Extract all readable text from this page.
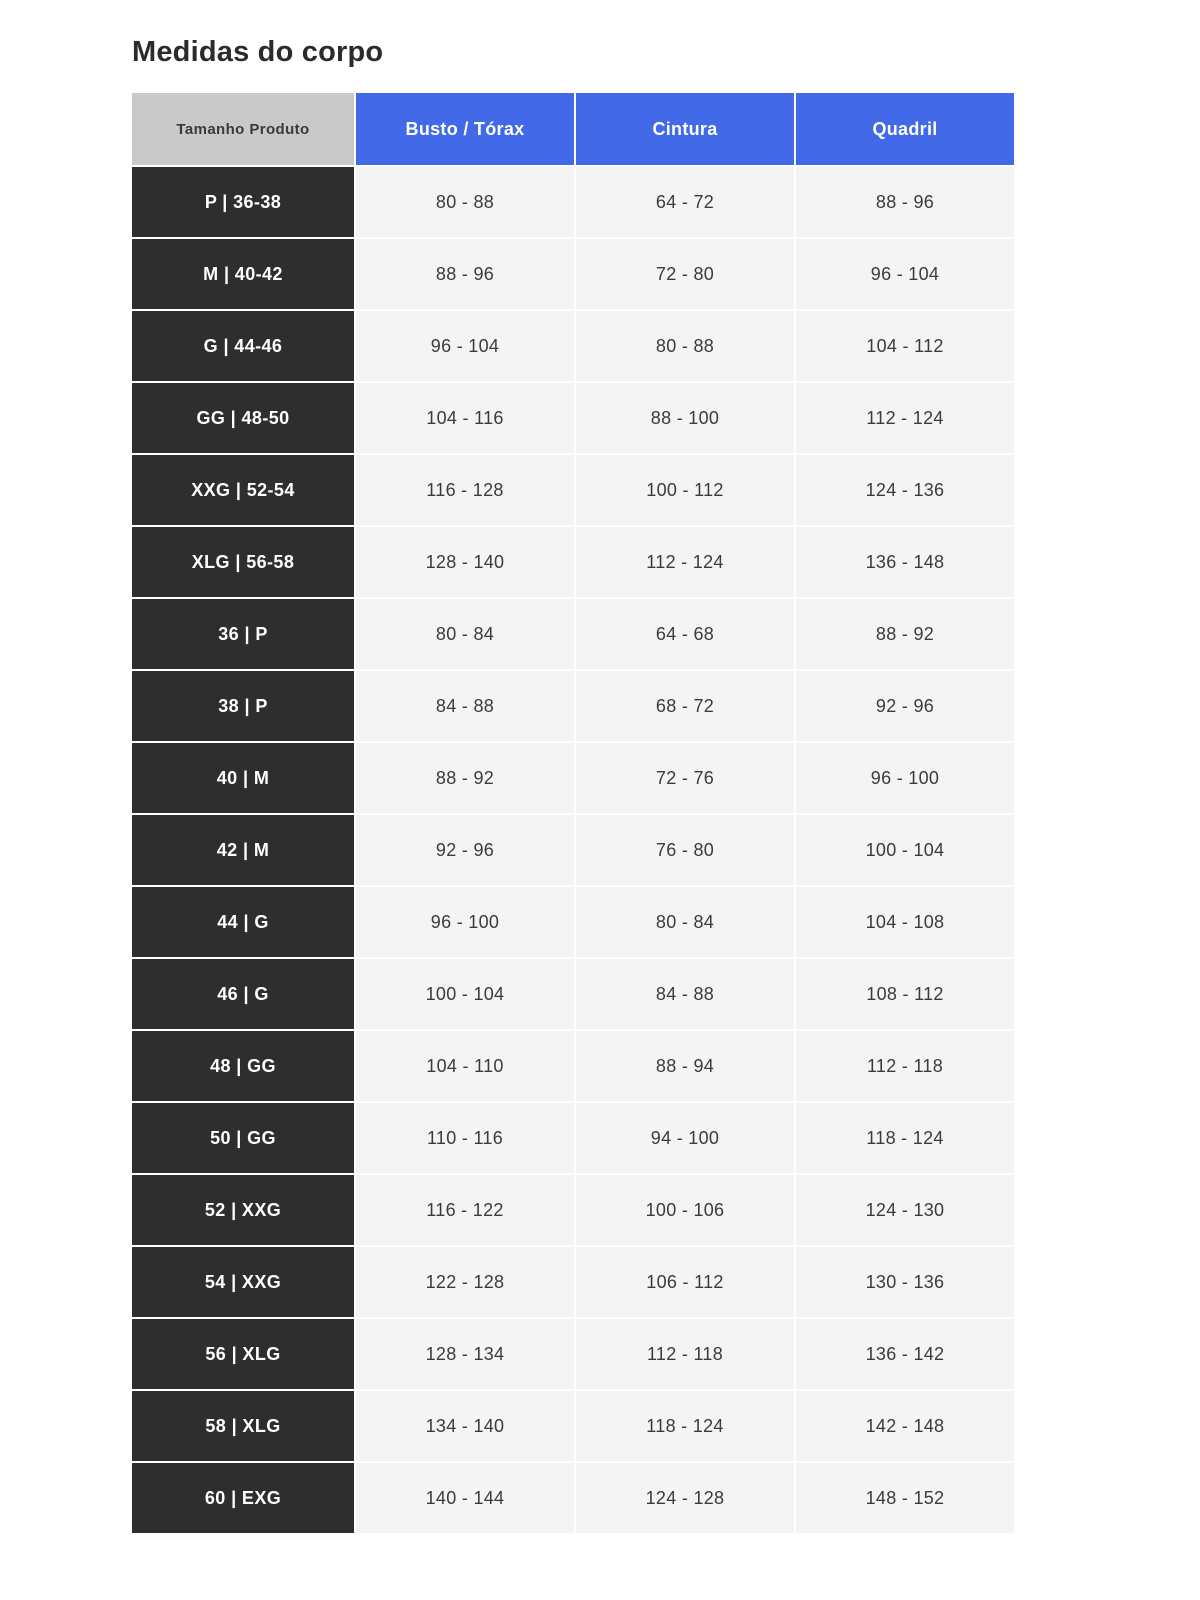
Medidas do corpo
Tamanho Produto	Busto / Tórax	Cintura	Quadril
P | 36-38	80 - 88	64 - 72	88 - 96
M | 40-42	88 - 96	72 - 80	96 - 104
G | 44-46	96 - 104	80 - 88	104 - 112
GG | 48-50	104 - 116	88 - 100	112 - 124
XXG | 52-54	116 - 128	100 - 112	124 - 136
XLG | 56-58	128 - 140	112 - 124	136 - 148
36 | P	80 - 84	64 - 68	88 - 92
38 | P	84 - 88	68 - 72	92 - 96
40 | M	88 - 92	72 - 76	96 - 100
42 | M	92 - 96	76 - 80	100 - 104
44 | G	96 - 100	80 - 84	104 - 108
46 | G	100 - 104	84 - 88	108 - 112
48 | GG	104 - 110	88 - 94	112 - 118
50 | GG	110 - 116	94 - 100	118 - 124
52 | XXG	116 - 122	100 - 106	124 - 130
54 | XXG	122 - 128	106 - 112	130 - 136
56 | XLG	128 - 134	112 - 118	136 - 142
58 | XLG	134 - 140	118 - 124	142 - 148
60 | EXG	140 - 144	124 - 128	148 - 152
